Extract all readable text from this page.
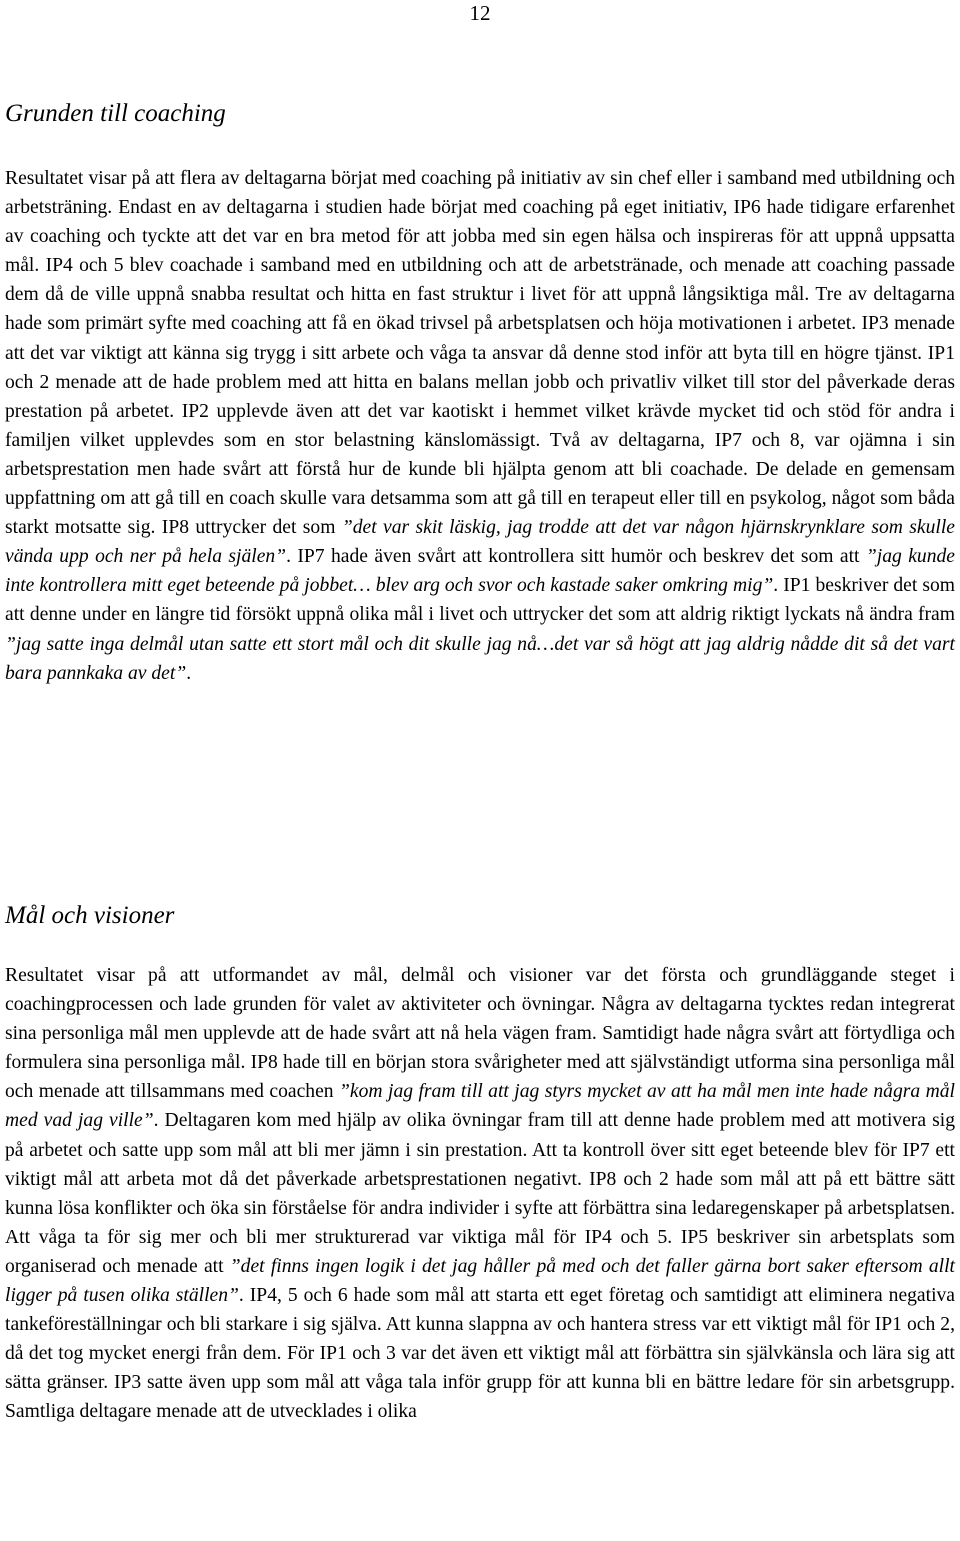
12
Grunden till coaching

Resultatet visar på att flera av deltagarna börjat med coaching på initiativ av sin chef eller i samband med utbildning och arbetsträning. Endast en av deltagarna i studien hade börjat med coaching på eget initiativ, IP6 hade tidigare erfarenhet av coaching och tyckte att det var en bra metod för att jobba med sin egen hälsa och inspireras för att uppnå uppsatta mål. IP4 och 5 blev coachade i samband med en utbildning och att de arbetstränade, och menade att coaching passade dem då de ville uppnå snabba resultat och hitta en fast struktur i livet för att uppnå långsiktiga mål. Tre av deltagarna hade som primärt syfte med coaching att få en ökad trivsel på arbetsplatsen och höja motivationen i arbetet. IP3 menade att det var viktigt att känna sig trygg i sitt arbete och våga ta ansvar då denne stod inför att byta till en högre tjänst. IP1 och 2 menade att de hade problem med att hitta en balans mellan jobb och privatliv vilket till stor del påverkade deras prestation på arbetet. IP2 upplevde även att det var kaotiskt i hemmet vilket krävde mycket tid och stöd för andra i familjen vilket upplevdes som en stor belastning känslomässigt. Två av deltagarna, IP7 och 8, var ojämna i sin arbetsprestation men hade svårt att förstå hur de kunde bli hjälpta genom att bli coachade. De delade en gemensam uppfattning om att gå till en coach skulle vara detsamma som att gå till en terapeut eller till en psykolog, något som båda starkt motsatte sig. IP8 uttrycker det som ”det var skit läskig, jag trodde att det var någon hjärnskrynklare som skulle vända upp och ner på hela själen”. IP7 hade även svårt att kontrollera sitt humör och beskrev det som att ”jag kunde inte kontrollera mitt eget beteende på jobbet… blev arg och svor och kastade saker omkring mig”. IP1 beskriver det som att denne under en längre tid försökt uppnå olika mål i livet och uttrycker det som att aldrig riktigt lyckats nå ändra fram ”jag satte inga delmål utan satte ett stort mål och dit skulle jag nå…det var så högt att jag aldrig nådde dit så det vart bara pannkaka av det”.

Mål och visioner

Resultatet visar på att utformandet av mål, delmål och visioner var det första och grundläggande steget i coachingprocessen och lade grunden för valet av aktiviteter och övningar. Några av deltagarna tycktes redan integrerat sina personliga mål men upplevde att de hade svårt att nå hela vägen fram. Samtidigt hade några svårt att förtydliga och formulera sina personliga mål. IP8 hade till en början stora svårigheter med att självständigt utforma sina personliga mål och menade att tillsammans med coachen ”kom jag fram till att jag styrs mycket av att ha mål men inte hade några mål med vad jag ville”. Deltagaren kom med hjälp av olika övningar fram till att denne hade problem med att motivera sig på arbetet och satte upp som mål att bli mer jämn i sin prestation. Att ta kontroll över sitt eget beteende blev för IP7 ett viktigt mål att arbeta mot då det påverkade arbetsprestationen negativt. IP8 och 2 hade som mål att på ett bättre sätt kunna lösa konflikter och öka sin förståelse för andra individer i syfte att förbättra sina ledaregenskaper på arbetsplatsen. Att våga ta för sig mer och bli mer strukturerad var viktiga mål för IP4 och 5. IP5 beskriver sin arbetsplats som organiserad och menade att ”det finns ingen logik i det jag håller på med och det faller gärna bort saker eftersom allt ligger på tusen olika ställen”. IP4, 5 och 6 hade som mål att starta ett eget företag och samtidigt att eliminera negativa tankeföreställningar och bli starkare i sig själva. Att kunna slappna av och hantera stress var ett viktigt mål för IP1 och 2, då det tog mycket energi från dem. För IP1 och 3 var det även ett viktigt mål att förbättra sin självkänsla och lära sig att sätta gränser. IP3 satte även upp som mål att våga tala inför grupp för att kunna bli en bättre ledare för sin arbetsgrupp. Samtliga deltagare menade att de utvecklades i olika
